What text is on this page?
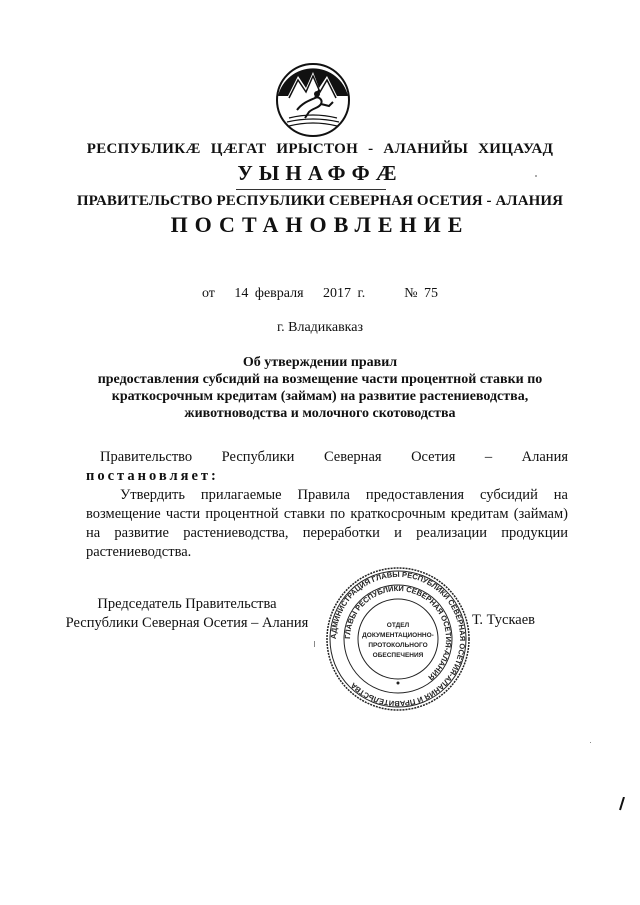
РЕСПУБЛИКÆ ЦÆГАТ ИРЫСТОН - АЛАНИЙЫ ХИЦАУАД
УЫНАФФÆ
ПРАВИТЕЛЬСТВО РЕСПУБЛИКИ СЕВЕРНАЯ ОСЕТИЯ - АЛАНИЯ
ПОСТАНОВЛЕНИЕ
от   14 февраля   2017 г.      № 75
г. Владикавказ
Об утверждении правил
предоставления субсидий на возмещение части процентной ставки по
краткосрочным кредитам (займам) на развитие растениеводства,
животноводства и молочного скотоводства
Правительство Республики Северная Осетия – Алания
постановляет:
Утвердить прилагаемые Правила предоставления субсидий на возмещение части процентной ставки по краткосрочным кредитам (займам) на развитие растениеводства, переработки и реализации продукции растениеводства.
Председатель Правительства
Республики Северная Осетия – Алания
АДМИНИСТРАЦИЯ ГЛАВЫ РЕСПУБЛИКИ СЕВЕРНАЯ ОСЕТИЯ-АЛАНИЯ И ПРАВИТЕЛЬСТВА
ГЛАВЫ РЕСПУБЛИКИ СЕВЕРНАЯ ОСЕТИЯ-АЛАНИЯ
ОТДЕЛ
ДОКУМЕНТАЦИОННО-
ПРОТОКОЛЬНОГО
ОБЕСПЕЧЕНИЯ
Т. Тускаев
